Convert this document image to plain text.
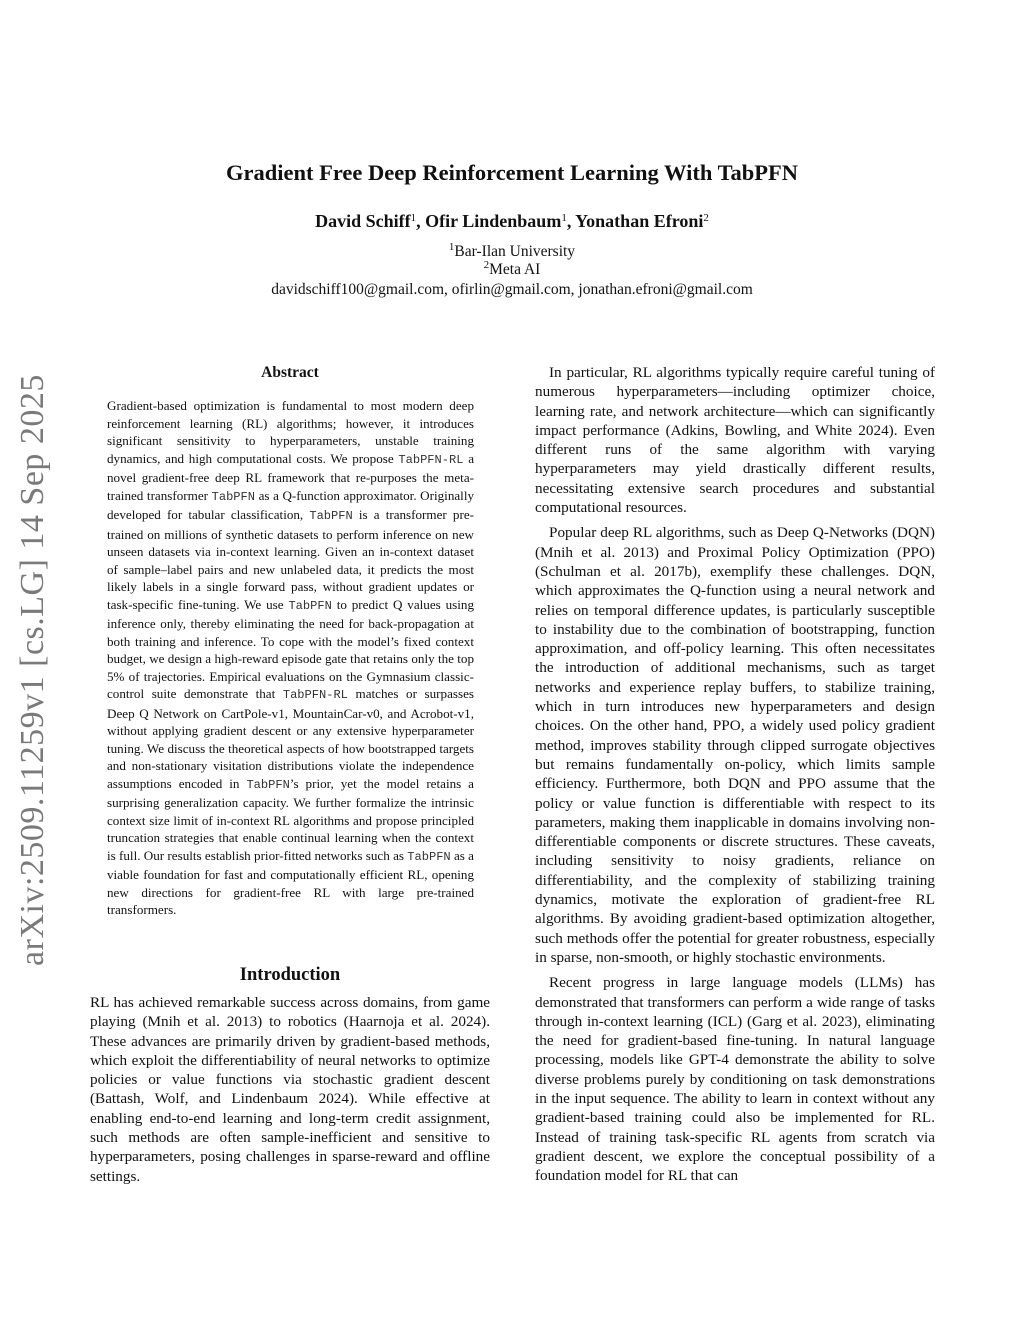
arXiv:2509.11259v1 [cs.LG] 14 Sep 2025
Gradient Free Deep Reinforcement Learning With TabPFN
David Schiff$^1$, Ofir Lindenbaum$^1$, Yonathan Efroni$^2$
$^1$Bar-Ilan University
$^2$Meta AI
davidschiff100@gmail.com, ofirlin@gmail.com, jonathan.efroni@gmail.com
Abstract
Gradient-based optimization is fundamental to most modern deep reinforcement learning (RL) algorithms; however, it introduces significant sensitivity to hyperparameters, unstable training dynamics, and high computational costs. We propose TabPFN-RL a novel gradient-free deep RL framework that re-purposes the meta-trained transformer TabPFN as a Q-function approximator. Originally developed for tabular classification, TabPFN is a transformer pre-trained on millions of synthetic datasets to perform inference on new unseen datasets via in-context learning. Given an in-context dataset of sample–label pairs and new unlabeled data, it predicts the most likely labels in a single forward pass, without gradient updates or task-specific fine-tuning. We use TabPFN to predict Q values using inference only, thereby eliminating the need for back-propagation at both training and inference. To cope with the model’s fixed context budget, we design a high-reward episode gate that retains only the top 5% of trajectories. Empirical evaluations on the Gymnasium classic-control suite demonstrate that TabPFN-RL matches or surpasses Deep Q Network on CartPole-v1, MountainCar-v0, and Acrobot-v1, without applying gradient descent or any extensive hyperparameter tuning. We discuss the theoretical aspects of how bootstrapped targets and non-stationary visitation distributions violate the independence assumptions encoded in TabPFN’s prior, yet the model retains a surprising generalization capacity. We further formalize the intrinsic context size limit of in-context RL algorithms and propose principled truncation strategies that enable continual learning when the context is full. Our results establish prior-fitted networks such as TabPFN as a viable foundation for fast and computationally efficient RL, opening new directions for gradient-free RL with large pre-trained transformers.
Introduction

RL has achieved remarkable success across domains, from game playing (Mnih et al. 2013) to robotics (Haarnoja et al. 2024). These advances are primarily driven by gradient-based methods, which exploit the differentiability of neural networks to optimize policies or value functions via stochastic gradient descent (Battash, Wolf, and Lindenbaum 2024). While effective at enabling end-to-end learning and long-term credit assignment, such methods are often sample-inefficient and sensitive to hyperparameters, posing challenges in sparse-reward and offline settings.

In particular, RL algorithms typically require careful tuning of numerous hyperparameters—including optimizer choice, learning rate, and network architecture—which can significantly impact performance (Adkins, Bowling, and White 2024). Even different runs of the same algorithm with varying hyperparameters may yield drastically different results, necessitating extensive search procedures and substantial computational resources.

Popular deep RL algorithms, such as Deep Q-Networks (DQN) (Mnih et al. 2013) and Proximal Policy Optimization (PPO) (Schulman et al. 2017b), exemplify these challenges. DQN, which approximates the Q-function using a neural network and relies on temporal difference updates, is particularly susceptible to instability due to the combination of bootstrapping, function approximation, and off-policy learning. This often necessitates the introduction of additional mechanisms, such as target networks and experience replay buffers, to stabilize training, which in turn introduces new hyperparameters and design choices. On the other hand, PPO, a widely used policy gradient method, improves stability through clipped surrogate objectives but remains fundamentally on-policy, which limits sample efficiency. Furthermore, both DQN and PPO assume that the policy or value function is differentiable with respect to its parameters, making them inapplicable in domains involving non-differentiable components or discrete structures. These caveats, including sensitivity to noisy gradients, reliance on differentiability, and the complexity of stabilizing training dynamics, motivate the exploration of gradient-free RL algorithms. By avoiding gradient-based optimization altogether, such methods offer the potential for greater robustness, especially in sparse, non-smooth, or highly stochastic environments.

Recent progress in large language models (LLMs) has demonstrated that transformers can perform a wide range of tasks through in-context learning (ICL) (Garg et al. 2023), eliminating the need for gradient-based fine-tuning. In natural language processing, models like GPT-4 demonstrate the ability to solve diverse problems purely by conditioning on task demonstrations in the input sequence. The ability to learn in context without any gradient-based training could also be implemented for RL. Instead of training task-specific RL agents from scratch via gradient descent, we explore the conceptual possibility of a foundation model for RL that can
